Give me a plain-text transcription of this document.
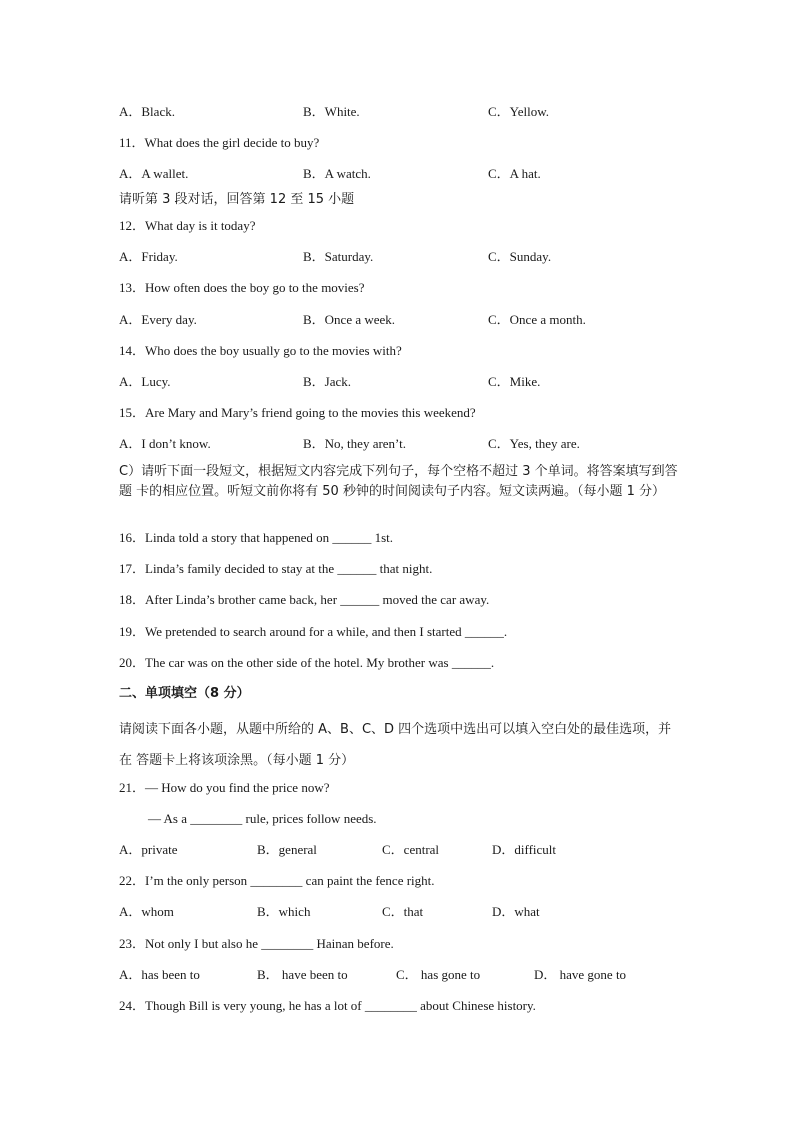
A．Black.	B．White.	C．Yellow.
11．What does the girl decide to buy?
A．A wallet.	B．A watch.	C．A hat.
请听第 3 段对话，回答第 12 至 15 小题
12．What day is it today?
A．Friday.	B．Saturday.	C．Sunday.
13．How often does the boy go to the movies?
A．Every day.	B．Once a week.	C．Once a month.
14．Who does the boy usually go to the movies with?
A．Lucy.	B．Jack.	C．Mike.
15．Are Mary and Mary’s friend going to the movies this weekend?
A．I don’t know.	B．No, they aren’t.	C．Yes, they are.
C）请听下面一段短文，根据短文内容完成下列句子，每个空格不超过 3 个单词。将答案填写到答题 卡的相应位置。听短文前你将有 50 秒钟的时间阅读句子内容。短文读两遍。（每小题 1 分）
16．Linda told a story that happened on ______ 1st.
17．Linda’s family decided to stay at the ______ that night.
18．After Linda’s brother came back, her ______ moved the car away.
19．We pretended to search around for a while, and then I started ______.
20．The car was on the other side of the hotel. My brother was ______.
二、单项填空（8 分）
请阅读下面各小题，从题中所给的 A、B、C、D 四个选项中选出可以填入空白处的最佳选项，并在 答题卡上将该项涂黑。（每小题 1 分）
21．— How do you find the price now?
— As a ________ rule, prices follow needs.
A．private	B．general	C．central	D．difficult
22．I’m the only person ________ can paint the fence right.
A．whom	B．which	C．that	D．what
23．Not only I but also he ________ Hainan before.
A．has been to	B． have been to	C． has gone to	D． have gone to
24．Though Bill is very young, he has a lot of ________ about Chinese history.
